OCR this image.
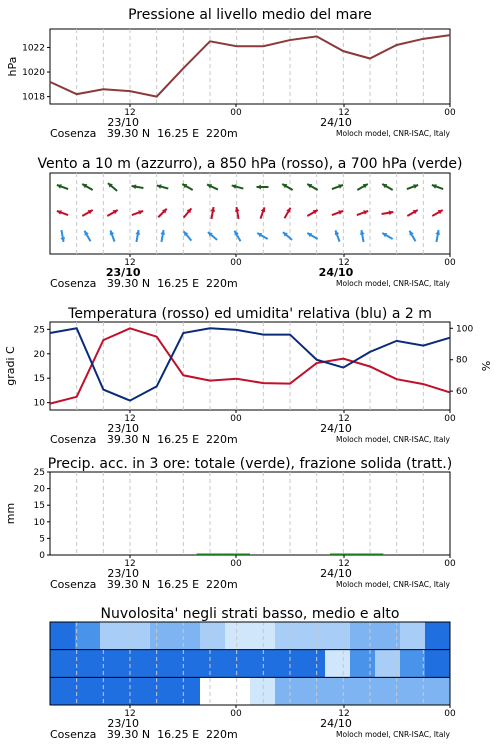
Pressione al livello medio del mare
12	00	12	00
23/10	24/10
Cosenza   39.30 N  16.25 E  220m	Moloch model, CNR-ISAC, Italy
Vento a 10 m (azzurro), a 850 hPa (rosso), a 700 hPa (verde)
12	00	12	00
23/10	24/10
Cosenza   39.30 N  16.25 E  220m	Moloch model, CNR-ISAC, Italy
Temperatura (rosso) ed umidita' relativa (blu) a 2 m
12	00	12	00
23/10	24/10
Cosenza   39.30 N  16.25 E  220m	Moloch model, CNR-ISAC, Italy
Precip. acc. in 3 ore: totale (verde), frazione solida (tratt.)
12	00	12	00
23/10	24/10
Cosenza   39.30 N  16.25 E  220m	Moloch model, CNR-ISAC, Italy
Nuvolosita' negli strati basso, medio e alto
12	00	12	00
23/10	24/10
Cosenza   39.30 N  16.25 E  220m	Moloch model, CNR-ISAC, Italy
1018
1020
1022
hPa
10
15
20
25
60
80
100
gradi C	%
0
5
10
15
20
25
mm
